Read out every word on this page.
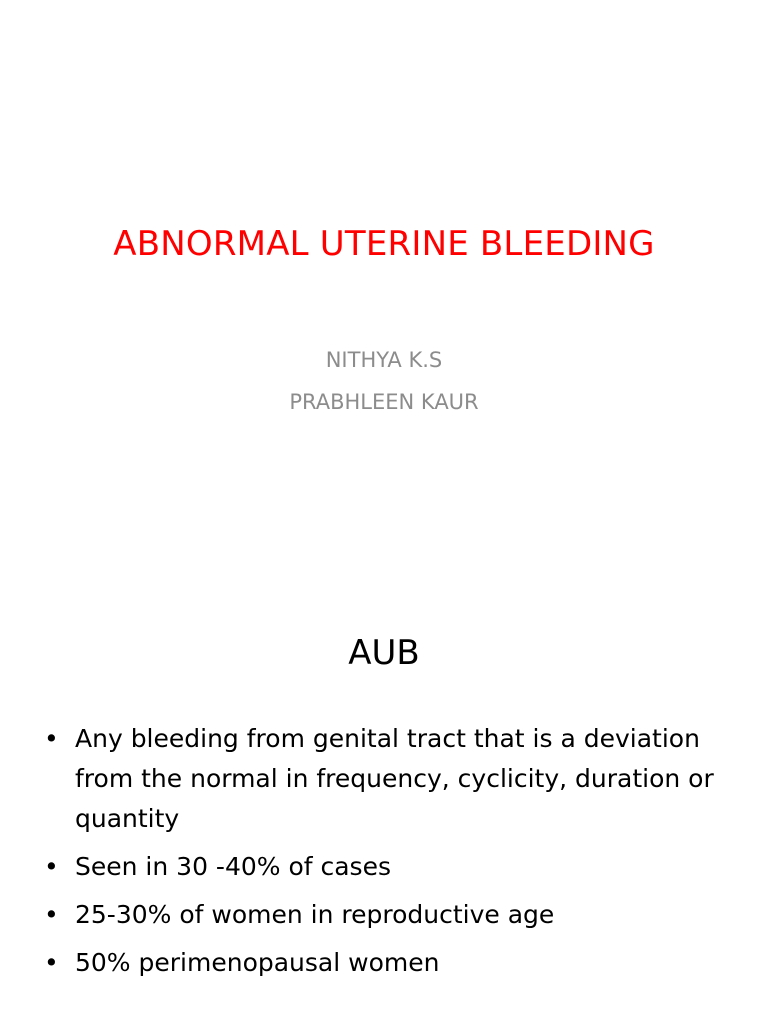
ABNORMAL UTERINE BLEEDING
NITHYA K.S
PRABHLEEN KAUR
AUB
• Any bleeding from genital tract that is a deviation from the normal in frequency, cyclicity, duration or quantity
• Seen in 30 -40% of cases
• 25-30% of women in reproductive age
• 50% perimenopausal women
